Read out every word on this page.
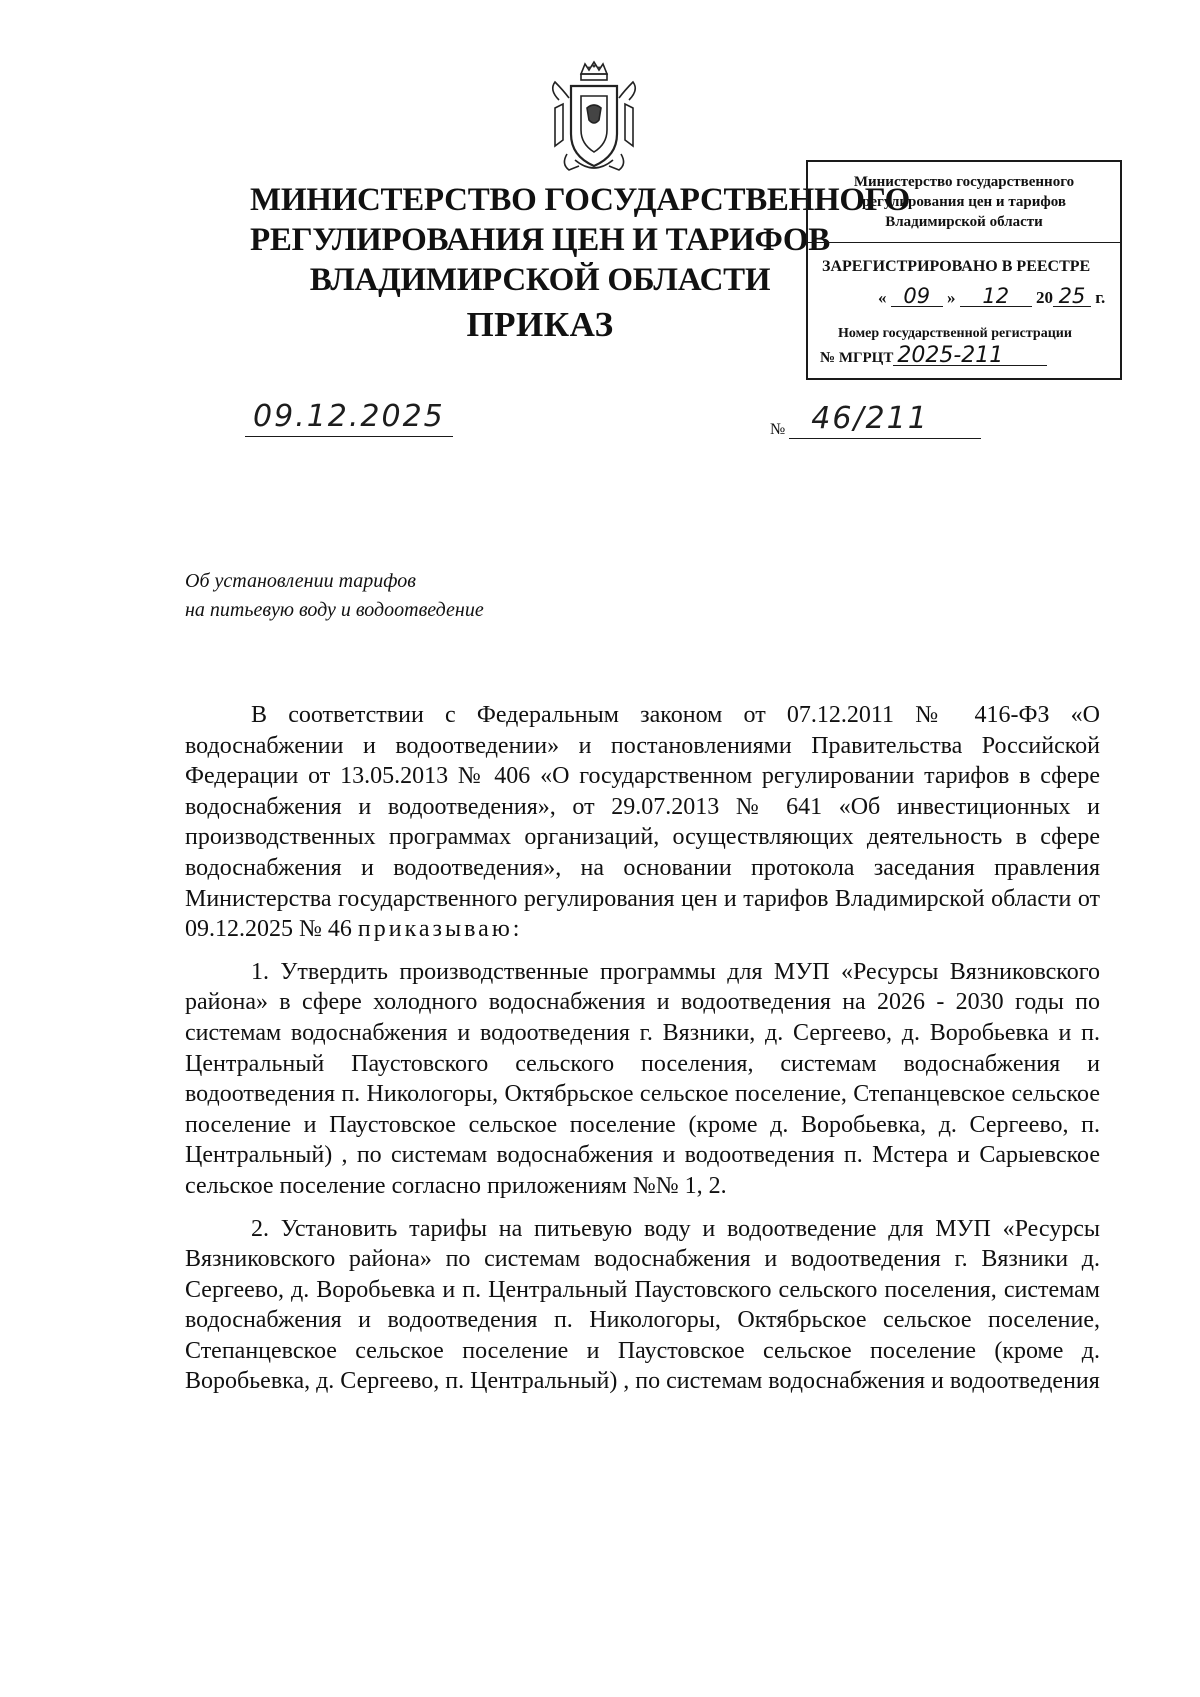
МИНИСТЕРСТВО ГОСУДАРСТВЕННОГО
РЕГУЛИРОВАНИЯ ЦЕН И ТАРИФОВ
ВЛАДИМИРСКОЙ ОБЛАСТИ
ПРИКАЗ
Министерство государственного
регулирования цен и тарифов
Владимирской области
ЗАРЕГИСТРИРОВАНО В РЕЕСТРЕ
« 09 » 12 20 25 г.
Номер государственной регистрации
№ МГРЦТ 2025-211
09.12.2025	№ 46/211
Об установлении тарифов
на питьевую воду и водоотведение

В соответствии с Федеральным законом от 07.12.2011 № 416-ФЗ «О водоснабжении и водоотведении» и постановлениями Правительства Российской Федерации от 13.05.2013 № 406 «О государственном регулировании тарифов в сфере водоснабжения и водоотведения», от 29.07.2013 № 641 «Об инвестиционных и производственных программах организаций, осуществляющих деятельность в сфере водоснабжения и водоотведения», на основании протокола заседания правления Министерства государственного регулирования цен и тарифов Владимирской области от 09.12.2025 № 46 приказываю:

1. Утвердить производственные программы для МУП «Ресурсы Вязниковского района» в сфере холодного водоснабжения и водоотведения на 2026 - 2030 годы по системам водоснабжения и водоотведения г. Вязники, д. Сергеево, д. Воробьевка и п. Центральный Паустовского сельского поселения, системам водоснабжения и водоотведения п. Никологоры, Октябрьское сельское поселение, Степанцевское сельское поселение и Паустовское сельское поселение (кроме д. Воробьевка, д. Сергеево, п. Центральный) , по системам водоснабжения и водоотведения п. Мстера и Сарыевское сельское поселение согласно приложениям №№ 1, 2.

2. Установить тарифы на питьевую воду и водоотведение для МУП «Ресурсы Вязниковского района» по системам водоснабжения и водоотведения г. Вязники д. Сергеево, д. Воробьевка и п. Центральный Паустовского сельского поселения, системам водоснабжения и водоотведения п. Никологоры, Октябрьское сельское поселение, Степанцевское сельское поселение и Паустовское сельское поселение (кроме д. Воробьевка, д. Сергеево, п. Центральный) , по системам водоснабжения и водоотведения
